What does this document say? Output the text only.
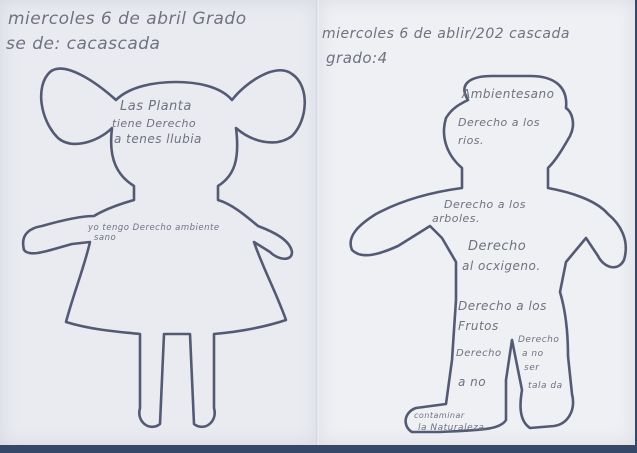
miercoles 6 de abril Grado
se de: cacascada
Las Planta
tiene Derecho
a tenes llubia
yo tengo Derecho ambiente
sano
miercoles 6 de ablir/202 cascada
grado:4
Ambientesano
Derecho a los
rios.
Derecho a los
arboles.
Derecho
al ocxigeno.
Derecho a los
Frutos
Derecho
a no
ser
tala da
Derecho
a no
contaminar
la Naturaleza.
